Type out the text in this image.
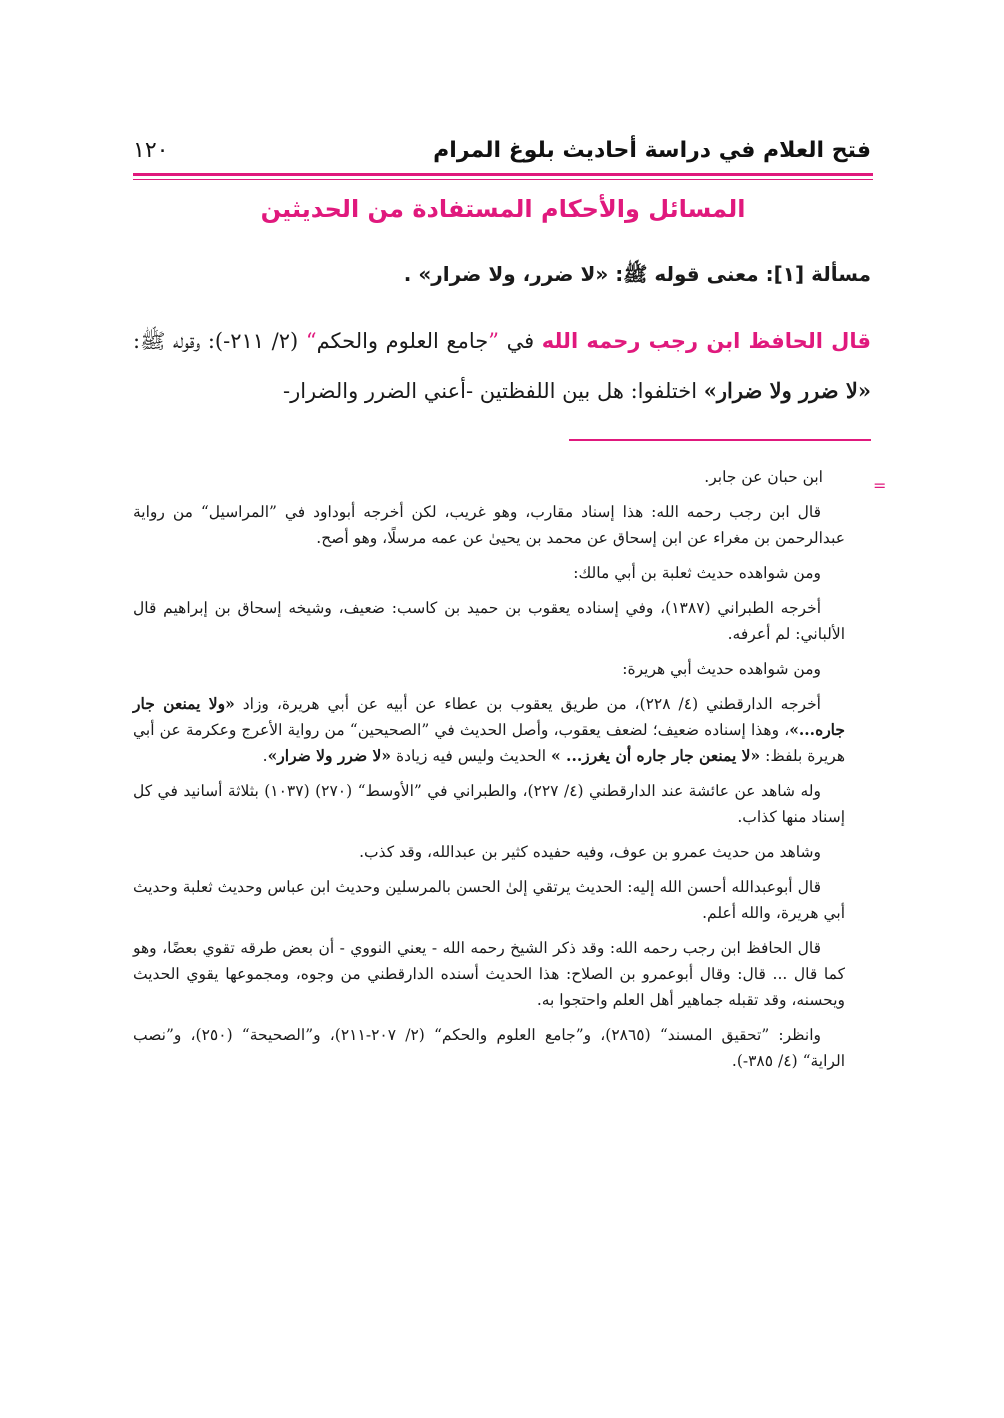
فتح العلام في دراسة أحاديث بلوغ المرام
١٢٠
المسائل والأحكام المستفادة من الحديثين
مسألة [١]: معنى قوله ﷺ: «لا ضرر، ولا ضرار» .
قال الحافظ ابن رجب رحمه الله في ”جامع العلوم والحكم“ (٢/ ٢١١-): وقوله ﷺ: «لا ضرر ولا ضرار» اختلفوا: هل بين اللفظتين -أعني الضرر والضرار-
=

ابن حبان عن جابر.

قال ابن رجب رحمه الله: هذا إسناد مقارب، وهو غريب، لكن أخرجه أبوداود في ”المراسيل“ من رواية عبدالرحمن بن مغراء عن ابن إسحاق عن محمد بن يحيىٰ عن عمه مرسلًا، وهو أصح.

ومن شواهده حديث ثعلبة بن أبي مالك:

أخرجه الطبراني (١٣٨٧)، وفي إسناده يعقوب بن حميد بن كاسب: ضعيف، وشيخه إسحاق بن إبراهيم قال الألباني: لم أعرفه.

ومن شواهده حديث أبي هريرة:

أخرجه الدارقطني (٤/ ٢٢٨)، من طريق يعقوب بن عطاء عن أبيه عن أبي هريرة، وزاد «ولا يمنعن جار جاره...»، وهذا إسناده ضعيف؛ لضعف يعقوب، وأصل الحديث في ”الصحيحين“ من رواية الأعرج وعكرمة عن أبي هريرة بلفظ: «لا يمنعن جار جاره أن يغرز... » الحديث وليس فيه زيادة «لا ضرر ولا ضرار».

وله شاهد عن عائشة عند الدارقطني (٤/ ٢٢٧)، والطبراني في ”الأوسط“ (٢٧٠) (١٠٣٧) بثلاثة أسانيد في كل إسناد منها كذاب.

وشاهد من حديث عمرو بن عوف، وفيه حفيده كثير بن عبدالله، وقد كذب.

قال أبوعبدالله أحسن الله إليه: الحديث يرتقي إلىٰ الحسن بالمرسلين وحديث ابن عباس وحديث ثعلبة وحديث أبي هريرة، والله أعلم.

قال الحافظ ابن رجب رحمه الله: وقد ذكر الشيخ رحمه الله - يعني النووي - أن بعض طرقه تقوي بعضًا، وهو كما قال ... قال: وقال أبوعمرو بن الصلاح: هذا الحديث أسنده الدارقطني من وجوه، ومجموعها يقوي الحديث ويحسنه، وقد تقبله جماهير أهل العلم واحتجوا به.

وانظر: ”تحقيق المسند“ (٢٨٦٥)، و”جامع العلوم والحكم“ (٢/ ٢٠٧-٢١١)، و”الصحيحة“ (٢٥٠)، و”نصب الراية“ (٤/ ٣٨٥-).
